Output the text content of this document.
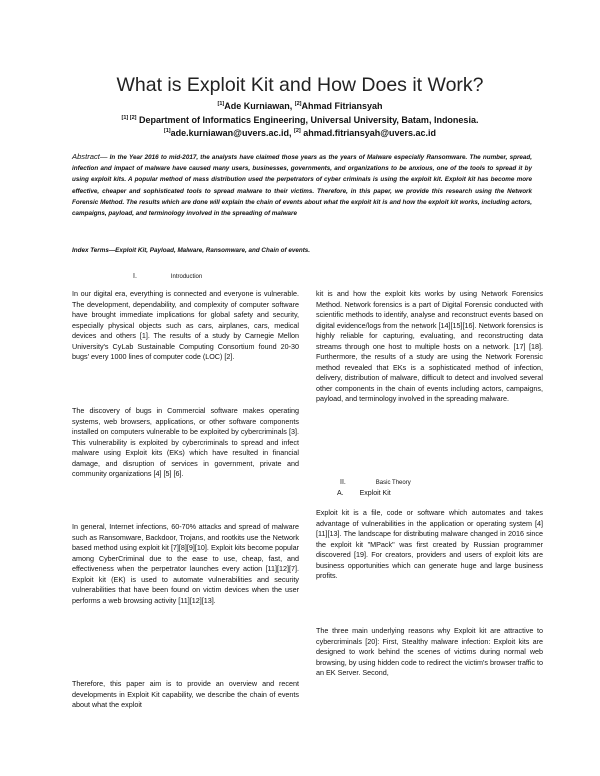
What is Exploit Kit and How Does it Work?
[1]Ade Kurniawan, [2]Ahmad Fitriansyah
[1] [2] Department of Informatics Engineering, Universal University, Batam, Indonesia.
[1]ade.kurniawan@uvers.ac.id, [2] ahmad.fitriansyah@uvers.ac.id
Abstract— In the Year 2016 to mid-2017, the analysts have claimed those years as the years of Malware especially Ransomware. The number, spread, infection and impact of malware have caused many users, businesses, governments, and organizations to be anxious, one of the tools to spread it by using exploit kits. A popular method of mass distribution used the perpetrators of cyber criminals is using the exploit kit. Exploit kit has become more effective, cheaper and sophisticated tools to spread malware to their victims. Therefore, in this paper, we provide this research using the Network Forensic Method. The results which are done will explain the chain of events about what the exploit kit is and how the exploit kit works, including actors, campaigns, payload, and terminology involved in the spreading of malware
Index Terms—Exploit Kit, Payload, Malware, Ransomware, and Chain of events.
I.	Introduction

In our digital era, everything is connected and everyone is vulnerable. The development, dependability, and complexity of computer software have brought immediate implications for global safety and security, especially physical objects such as cars, airplanes, cars, medical devices and others [1]. The results of a study by Carnegie Mellon University's CyLab Sustainable Computing Consortium found 20-30 bugs' every 1000 lines of computer code (LOC) [2].

The discovery of bugs in Commercial software makes operating systems, web browsers, applications, or other software components installed on computers vulnerable to be exploited by cybercriminals [3]. This vulnerability is exploited by cybercriminals to spread and infect malware using Exploit kits (EKs) which have resulted in financial damage, and disruption of services in government, private and community organizations [4] [5] [6].

In general, Internet infections, 60-70% attacks and spread of malware such as Ransomware, Backdoor, Trojans, and rootkits use the Network based method using exploit kit [7][8][9][10]. Exploit kits become popular among CyberCriminal due to the ease to use, cheap, fast, and effectiveness when the perpetrator launches every action [11][12][7]. Exploit kit (EK) is used to automate vulnerabilities and security vulnerabilities that have been found on victim devices when the user performs a web browsing activity [11][12][13].

Therefore, this paper aim is to provide an overview and recent developments in Exploit Kit capability, we describe the chain of events about what the exploit

kit is and how the exploit kits works by using Network Forensics Method. Network forensics is a part of Digital Forensic conducted with scientific methods to identify, analyse and reconstruct events based on digital evidence/logs from the network [14][15][16]. Network forensics is highly reliable for capturing, evaluating, and reconstructing data streams through one host to multiple hosts on a network. [17] [18]. Furthermore, the results of a study are using the Network Forensic method revealed that EKs is a sophisticated method of infection, delivery, distribution of malware, difficult to detect and involved several other components in the chain of events including actors, campaigns, payload, and terminology involved in the spreading malware.

II.	Basic Theory
A. Exploit Kit

Exploit kit is a file, code or software which automates and takes advantage of vulnerabilities in the application or operating system [4] [11][13]. The landscape for distributing malware changed in 2016 since the exploit kit "MPack" was first created by Russian programmer discovered [19]. For creators, providers and users of exploit kits are business opportunities which can generate huge and large business profits.

The three main underlying reasons why Exploit kit are attractive to cybercriminals [20]: First, Stealthy malware infection: Exploit kits are designed to work behind the scenes of victims during normal web browsing, by using hidden code to redirect the victim's browser traffic to an EK Server. Second,
